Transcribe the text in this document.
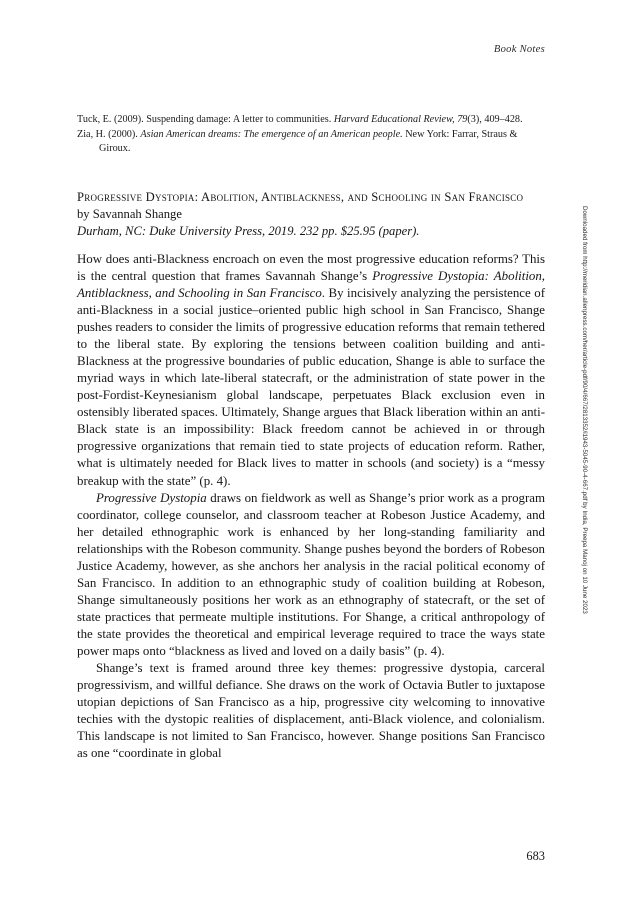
Book Notes
Tuck, E. (2009). Suspending damage: A letter to communities. Harvard Educational Review, 79(3), 409–428.
Zia, H. (2000). Asian American dreams: The emergence of an American people. New York: Farrar, Straus & Giroux.
Progressive Dystopia: Abolition, Antiblackness, and Schooling in San Francisco
by Savannah Shange
Durham, NC: Duke University Press, 2019. 232 pp. $25.95 (paper).

How does anti-Blackness encroach on even the most progressive education reforms? This is the central question that frames Savannah Shange’s Progressive Dystopia: Abolition, Antiblackness, and Schooling in San Francisco. By incisively analyzing the persistence of anti-Blackness in a social justice–oriented public high school in San Francisco, Shange pushes readers to consider the limits of progressive education reforms that remain tethered to the liberal state. By exploring the tensions between coalition building and anti-Blackness at the progressive boundaries of public education, Shange is able to surface the myriad ways in which late-liberal statecraft, or the administration of state power in the post-Fordist-Keynesianism global landscape, perpetuates Black exclusion even in ostensibly liberated spaces. Ultimately, Shange argues that Black liberation within an anti-Black state is an impossibility: Black freedom cannot be achieved in or through progressive organizations that remain tied to state projects of education reform. Rather, what is ultimately needed for Black lives to matter in schools (and society) is a “messy breakup with the state” (p. 4).

Progressive Dystopia draws on fieldwork as well as Shange’s prior work as a program coordinator, college counselor, and classroom teacher at Robeson Justice Academy, and her detailed ethnographic work is enhanced by her long-standing familiarity and relationships with the Robeson community. Shange pushes beyond the borders of Robeson Justice Academy, however, as she anchors her analysis in the racial political economy of San Francisco. In addition to an ethnographic study of coalition building at Robeson, Shange simultaneously positions her work as an ethnography of statecraft, or the set of state practices that permeate multiple institutions. For Shange, a critical anthropology of the state provides the theoretical and empirical leverage required to trace the ways state power maps onto “blackness as lived and loved on a daily basis” (p. 4).

Shange’s text is framed around three key themes: progressive dystopia, carceral progressivism, and willful defiance. She draws on the work of Octavia Butler to juxtapose utopian depictions of San Francisco as a hip, progressive city welcoming to innovative techies with the dystopic realities of displacement, anti-Black violence, and colonialism. This landscape is not limited to San Francisco, however. Shange positions San Francisco as one “coordinate in global

683
Downloaded from http://meridian.allenpress.com/her/article-pdf/90/4/667/2813352/i1943-5045-90-4-667.pdf by India, Preepa Manoj on 10 June 2023
